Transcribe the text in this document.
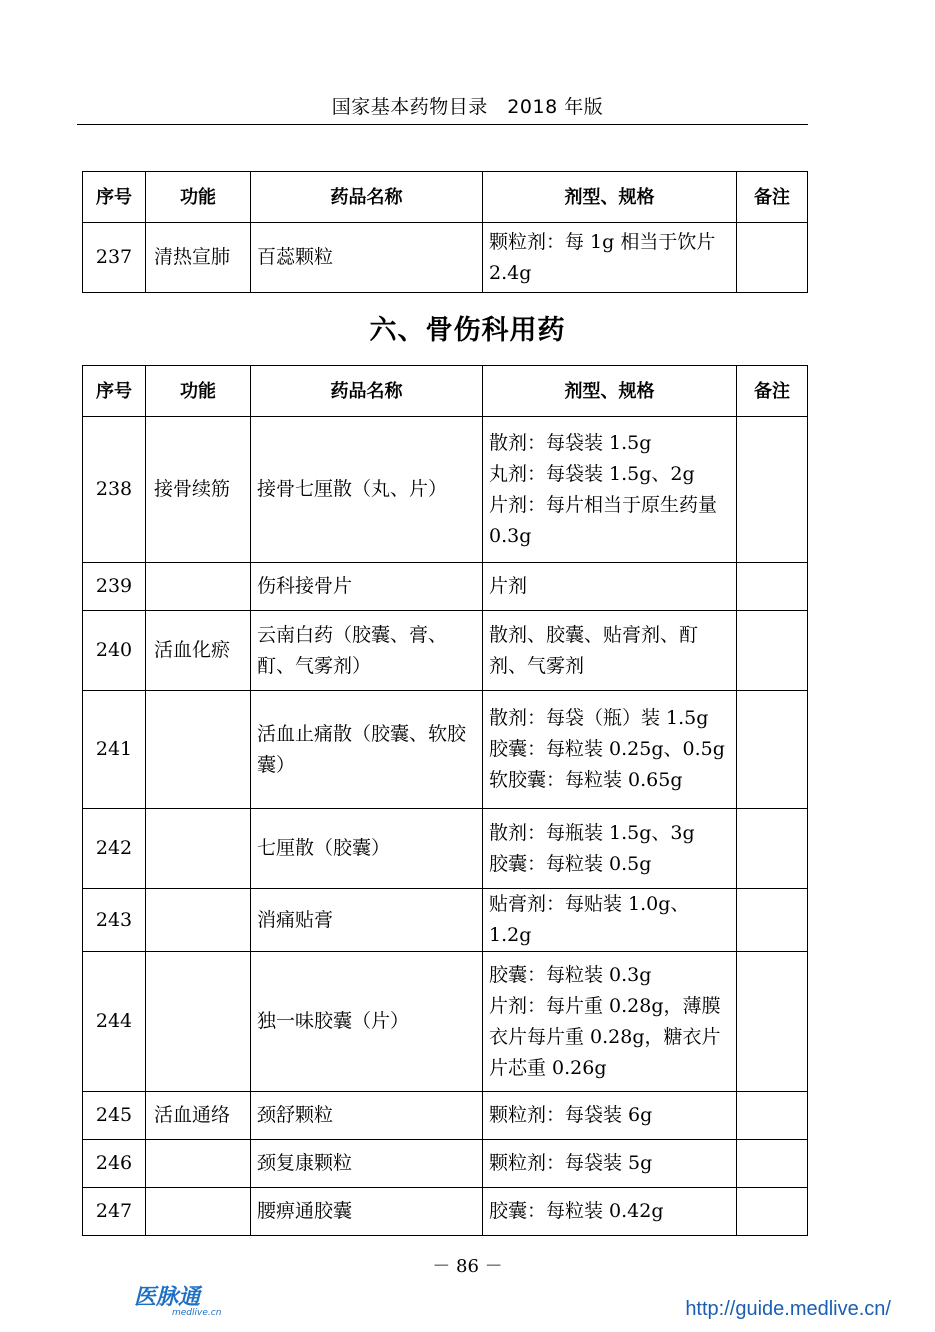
国家基本药物目录　2018 年版
序号	功能	药品名称	剂型、规格	备注
237	清热宣肺	百蕊颗粒	颗粒剂：每 1g 相当于饮片 2.4g	

六、骨伤科用药
序号	功能	药品名称	剂型、规格	备注
238	接骨续筋	接骨七厘散（丸、片）	散剂：每袋装 1.5g
丸剂：每袋装 1.5g、2g
片剂：每片相当于原生药量 0.3g	

239		伤科接骨片	片剂	

240	活血化瘀	云南白药（胶囊、膏、酊、气雾剂）	散剂、胶囊、贴膏剂、酊剂、气雾剂	

241		活血止痛散（胶囊、软胶囊）	散剂：每袋（瓶）装 1.5g
胶囊：每粒装 0.25g、0.5g
软胶囊：每粒装 0.65g	

242		七厘散（胶囊）	散剂：每瓶装 1.5g、3g
胶囊：每粒装 0.5g	

243		消痛贴膏	贴膏剂：每贴装 1.0g、1.2g	

244		独一味胶囊（片）	胶囊：每粒装 0.3g
片剂：每片重 0.28g，薄膜衣片每片重 0.28g，糖衣片片芯重 0.26g	

245	活血通络	颈舒颗粒	颗粒剂：每袋装 6g	

246		颈复康颗粒	颗粒剂：每袋装 5g	

247		腰痹通胶囊	胶囊：每粒装 0.42g	

－ 86 －
医脉通
medlive.cn	http://guide.medlive.cn/
